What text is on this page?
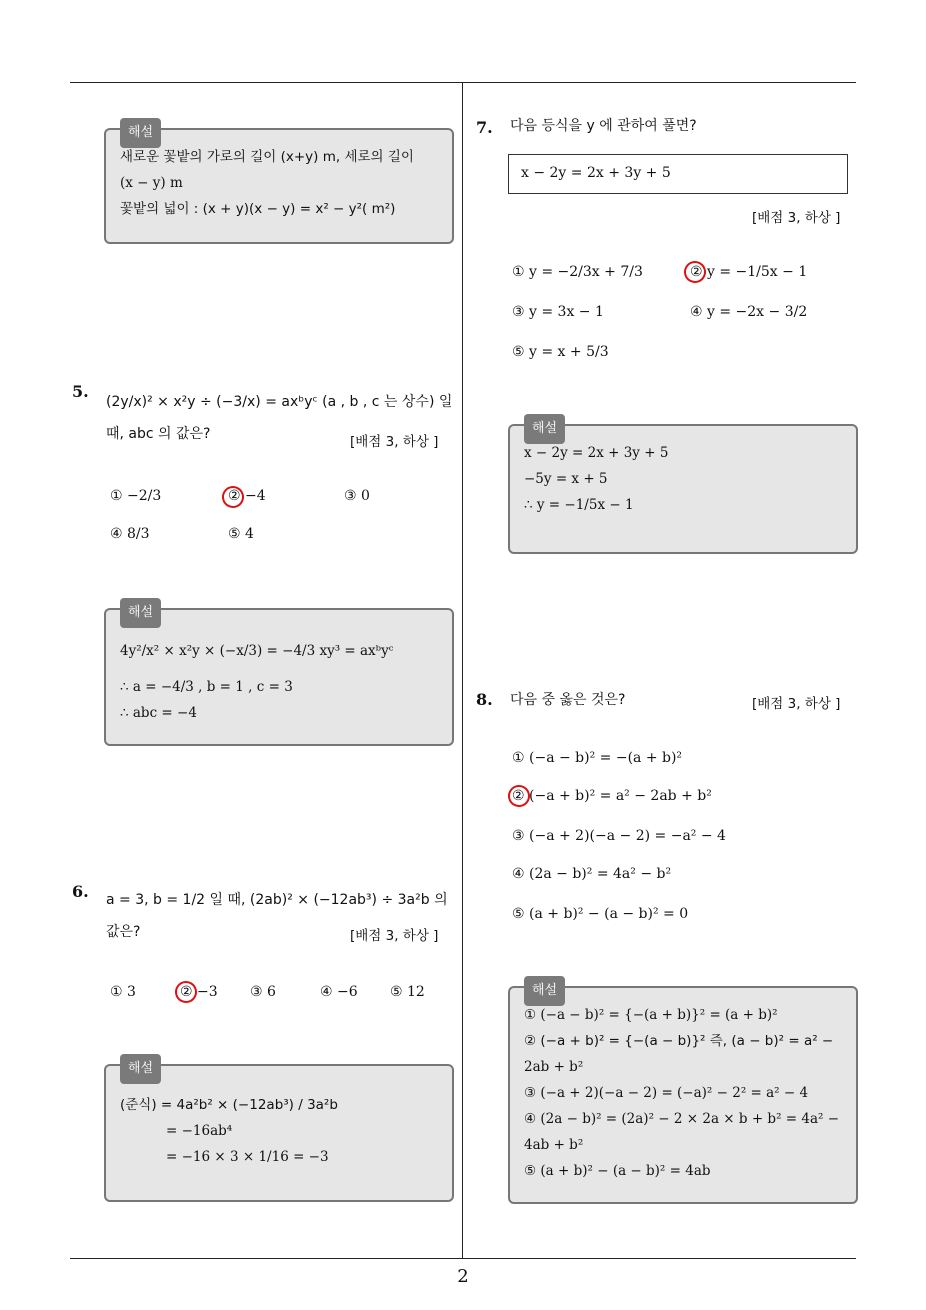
해설
새로운 꽃밭의 가로의 길이 (x+y) m, 세로의 길이
(x − y) m
꽃밭의 넓이 : (x + y)(x − y) = x² − y²( m²)
5.
(2y/x)² × x²y ÷ (−3/x) = axᵇyᶜ (a , b , c 는 상수) 일
때, abc 의 값은?	[배점 3, 하상 ]
① −2/3	② −4	③ 0
④ 8/3	⑤ 4
해설
4y²/x² × x²y × (−x/3) = −4/3 xy³ = axᵇyᶜ
∴ a = −4/3 , b = 1 , c = 3
∴ abc = −4
6. a = 3, b = 1/2 일 때, (2ab)² × (−12ab³) ÷ 3a²b 의
값은?	[배점 3, 하상 ]
① 3	② −3 ③ 6	④ −6 ⑤ 12
해설
(준식) = 4a²b² × (−12ab³) / 3a²b
= −16ab⁴
= −16 × 3 × 1/16 = −3
7. 다음 등식을 y 에 관하여 풀면?
x − 2y = 2x + 3y + 5
[배점 3, 하상 ]
① y = −2/3x + 7/3	② y = −1/5x − 1
③ y = 3x − 1	④ y = −2x − 3/2
⑤ y = x + 5/3
해설
x − 2y = 2x + 3y + 5
−5y = x + 5
∴ y = −1/5x − 1
8. 다음 중 옳은 것은?	[배점 3, 하상 ]
① (−a − b)² = −(a + b)²
② (−a + b)² = a² − 2ab + b²
③ (−a + 2)(−a − 2) = −a² − 4
④ (2a − b)² = 4a² − b²
⑤ (a + b)² − (a − b)² = 0
해설
① (−a − b)² = {−(a + b)}² = (a + b)²
② (−a + b)² = {−(a − b)}² 즉, (a − b)² = a² −
2ab + b²
③ (−a + 2)(−a − 2) = (−a)² − 2² = a² − 4
④ (2a − b)² = (2a)² − 2 × 2a × b + b² = 4a² −
4ab + b²
⑤ (a + b)² − (a − b)² = 4ab
2
